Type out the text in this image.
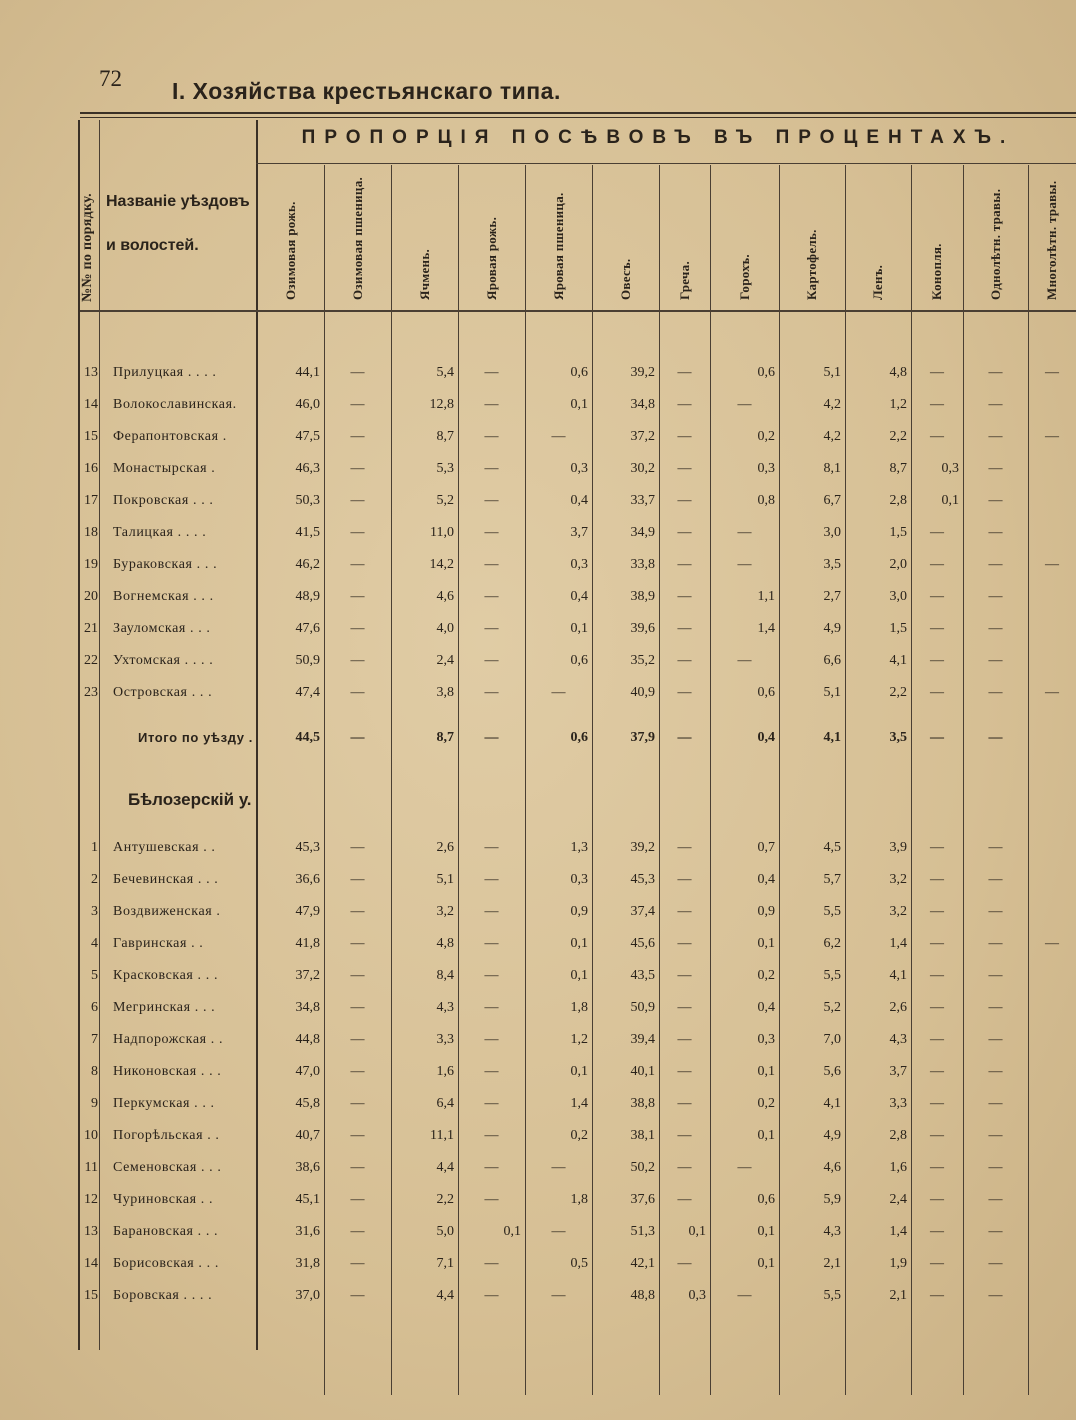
72 I. Хозяйства крестьянскаго типа.
ПРОПОРЦІЯ ПОСѢВОВЪ ВЪ ПРОЦЕНТАХЪ.
№№ по порядку. Названіе уѣздовъ
и волостей.	Озимовая рожь.	Озимовая пшеница.	Ячмень.	Яровая рожь.	Яровая пшеница.	Овесъ.	Греча.	Горохъ.	Картофель.	Ленъ.	Конопля.	Однолѣтн. травы.	Многолѣтн. травы.
13 Прилуцкая . . . .	44,1	—	5,4	—	0,6	39,2	—	0,6	5,1	4,8	—	—	—
14 Волокославинская.	46,0	—	12,8	—	0,1	34,8	—	—	4,2	1,2	—	—
15 Ферапонтовская .	47,5	—	8,7	—	—	37,2	—	0,2	4,2	2,2	—	—	—
16 Монастырская .	46,3	—	5,3	—	0,3	30,2	—	0,3	8,1	8,7	0,3	—
17 Покровская . . .	50,3	—	5,2	—	0,4	33,7	—	0,8	6,7	2,8	0,1	—
18 Талицкая . . . .	41,5	—	11,0	—	3,7	34,9	—	—	3,0	1,5	—	—
19 Бураковская . . .	46,2	—	14,2	—	0,3	33,8	—	—	3,5	2,0	—	—	—
20 Вогнемская . . .	48,9	—	4,6	—	0,4	38,9	—	1,1	2,7	3,0	—	—
21 Зауломская . . .	47,6	—	4,0	—	0,1	39,6	—	1,4	4,9	1,5	—	—
22 Ухтомская . . . .	50,9	—	2,4	—	0,6	35,2	—	—	6,6	4,1	—	—
23 Островская . . .	47,4	—	3,8	—	—	40,9	—	0,6	5,1	2,2	—	—	—
Итого по уѣзду .	44,5	—	8,7	—	0,6	37,9	—	0,4	4,1	3,5	—	—
1 Антушевская . .	45,3	—	2,6	—	1,3	39,2	—	0,7	4,5	3,9	—	—
2 Бечевинская . . .	36,6	—	5,1	—	0,3	45,3	—	0,4	5,7	3,2	—	—
3 Воздвиженская .	47,9	—	3,2	—	0,9	37,4	—	0,9	5,5	3,2	—	—
4 Гавринская . .	41,8	—	4,8	—	0,1	45,6	—	0,1	6,2	1,4	—	—	—
5 Красковская . . .	37,2	—	8,4	—	0,1	43,5	—	0,2	5,5	4,1	—	—
6 Мегринская . . .	34,8	—	4,3	—	1,8	50,9	—	0,4	5,2	2,6	—	—
7 Надпорожская . .	44,8	—	3,3	—	1,2	39,4	—	0,3	7,0	4,3	—	—
8 Никоновская . . .	47,0	—	1,6	—	0,1	40,1	—	0,1	5,6	3,7	—	—
9 Перкумская . . .	45,8	—	6,4	—	1,4	38,8	—	0,2	4,1	3,3	—	—
10 Погорѣльская . .	40,7	—	11,1	—	0,2	38,1	—	0,1	4,9	2,8	—	—
11 Семеновская . . .	38,6	—	4,4	—	—	50,2	—	—	4,6	1,6	—	—
12 Чуриновская . .	45,1	—	2,2	—	1,8	37,6	—	0,6	5,9	2,4	—	—
13 Барановская . . .	31,6	—	5,0	0,1	—	51,3	0,1	0,1	4,3	1,4	—	—
14 Борисовская . . .	31,8	—	7,1	—	0,5	42,1	—	0,1	2,1	1,9	—	—
15 Боровская . . . .	37,0	—	4,4	—	—	48,8	0,3	—	5,5	2,1	—	—
Бѣлозерскій у.
